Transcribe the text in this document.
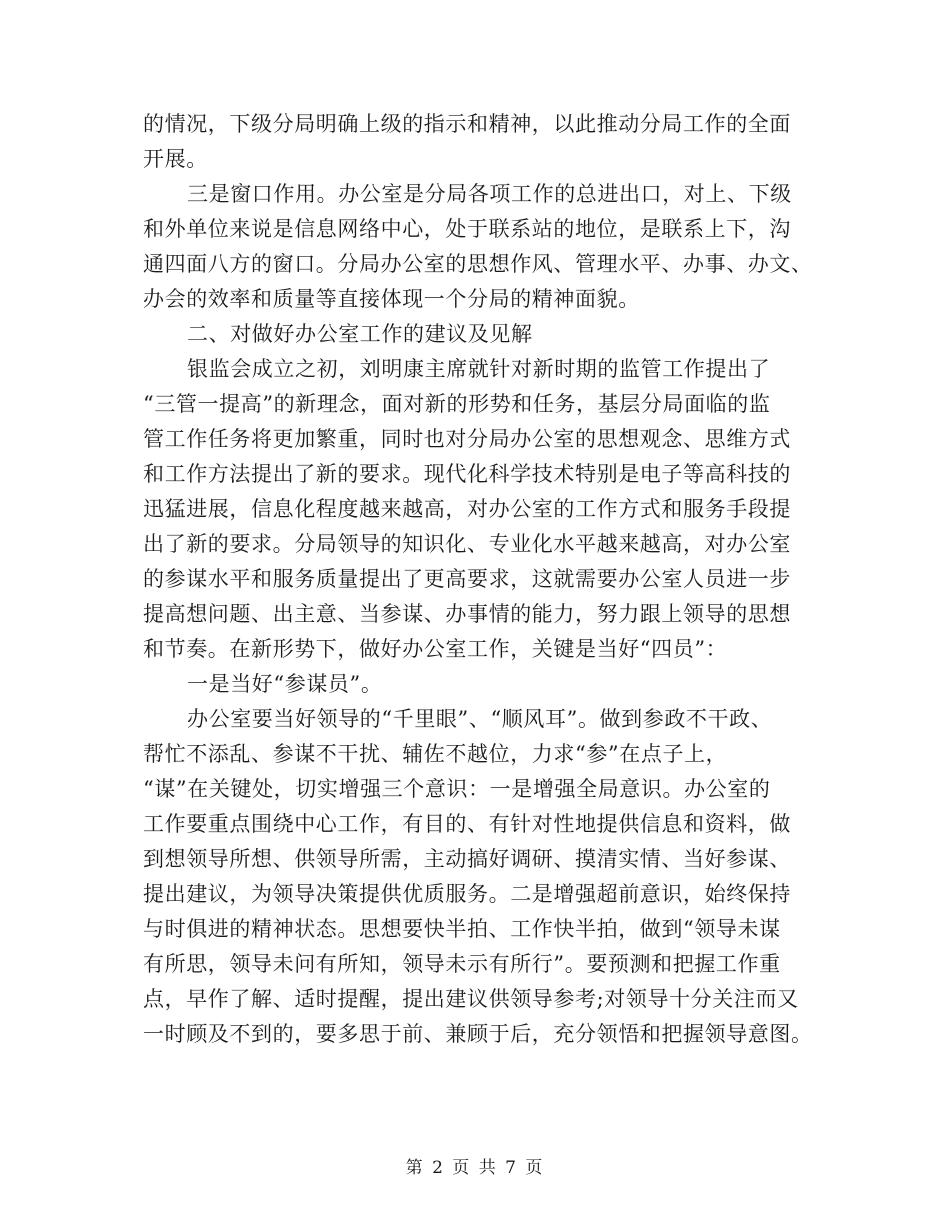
的情况，下级分局明确上级的指示和精神，以此推动分局工作的全面
开展。
三是窗口作用。办公室是分局各项工作的总进出口，对上、下级
和外单位来说是信息网络中心，处于联系站的地位，是联系上下，沟
通四面八方的窗口。分局办公室的思想作风、管理水平、办事、办文、
办会的效率和质量等直接体现一个分局的精神面貌。
二、对做好办公室工作的建议及见解
银监会成立之初，刘明康主席就针对新时期的监管工作提出了
“三管一提高”的新理念，面对新的形势和任务，基层分局面临的监
管工作任务将更加繁重，同时也对分局办公室的思想观念、思维方式
和工作方法提出了新的要求。现代化科学技术特别是电子等高科技的
迅猛进展，信息化程度越来越高，对办公室的工作方式和服务手段提
出了新的要求。分局领导的知识化、专业化水平越来越高，对办公室
的参谋水平和服务质量提出了更高要求，这就需要办公室人员进一步
提高想问题、出主意、当参谋、办事情的能力，努力跟上领导的思想
和节奏。在新形势下，做好办公室工作，关键是当好“四员”：
一是当好“参谋员”。
办公室要当好领导的“千里眼”、“顺风耳”。做到参政不干政、
帮忙不添乱、参谋不干扰、辅佐不越位，力求“参”在点子上，
“谋”在关键处，切实增强三个意识：一是增强全局意识。办公室的
工作要重点围绕中心工作，有目的、有针对性地提供信息和资料，做
到想领导所想、供领导所需，主动搞好调研、摸清实情、当好参谋、
提出建议，为领导决策提供优质服务。二是增强超前意识，始终保持
与时俱进的精神状态。思想要快半拍、工作快半拍，做到“领导未谋
有所思，领导未问有所知，领导未示有所行”。要预测和把握工作重
点，早作了解、适时提醒，提出建议供领导参考;对领导十分关注而又
一时顾及不到的，要多思于前、兼顾于后，充分领悟和把握领导意图。
第 2 页 共 7 页
